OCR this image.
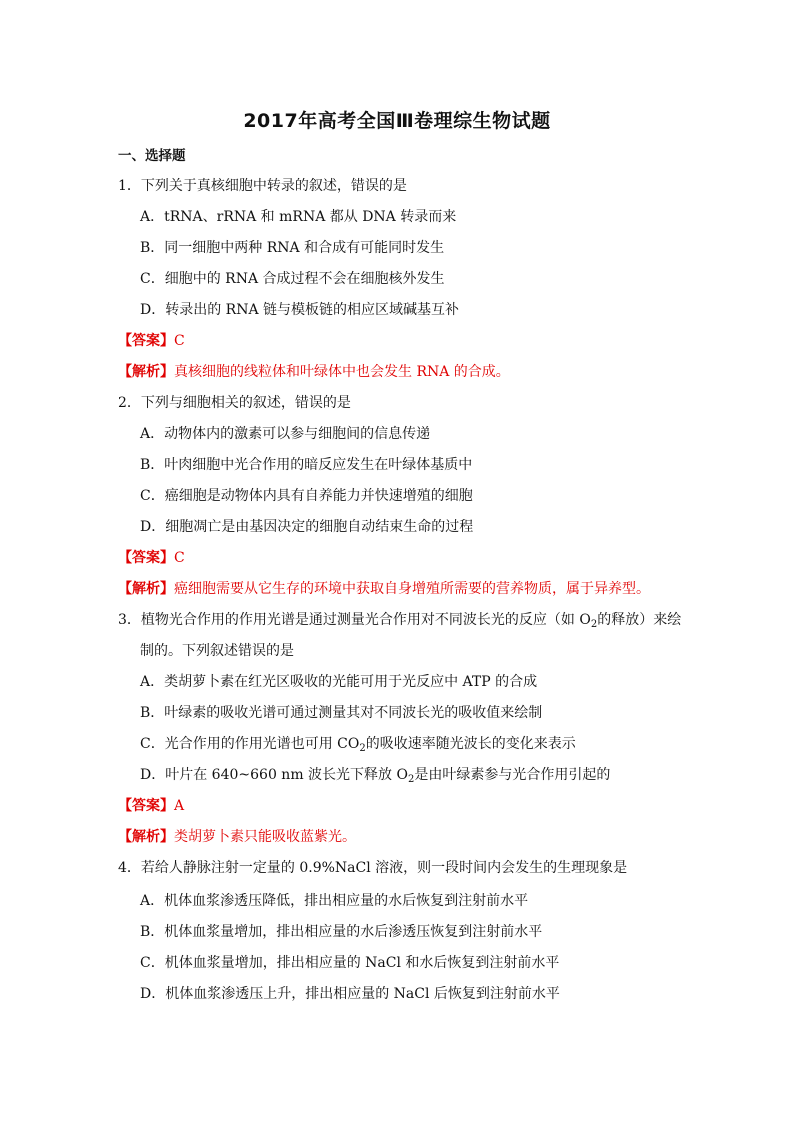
2017年高考全国Ⅲ卷理综生物试题
一、选择题
1．下列关于真核细胞中转录的叙述，错误的是
A．tRNA、rRNA 和 mRNA 都从 DNA 转录而来
B．同一细胞中两种 RNA 和合成有可能同时发生
C．细胞中的 RNA 合成过程不会在细胞核外发生
D．转录出的 RNA 链与模板链的相应区域碱基互补
【答案】C
【解析】真核细胞的线粒体和叶绿体中也会发生 RNA 的合成。
2．下列与细胞相关的叙述，错误的是
A．动物体内的激素可以参与细胞间的信息传递
B．叶肉细胞中光合作用的暗反应发生在叶绿体基质中
C．癌细胞是动物体内具有自养能力并快速增殖的细胞
D．细胞凋亡是由基因决定的细胞自动结束生命的过程
【答案】C
【解析】癌细胞需要从它生存的环境中获取自身增殖所需要的营养物质，属于异养型。
3．植物光合作用的作用光谱是通过测量光合作用对不同波长光的反应（如 $O_2$的释放）来绘
制的。下列叙述错误的是
A．类胡萝卜素在红光区吸收的光能可用于光反应中 ATP 的合成
B．叶绿素的吸收光谱可通过测量其对不同波长光的吸收值来绘制
C．光合作用的作用光谱也可用 $CO_2$的吸收速率随光波长的变化来表示
D．叶片在 640~660 nm 波长光下释放 $O_2$是由叶绿素参与光合作用引起的
【答案】A
【解析】类胡萝卜素只能吸收蓝紫光。
4．若给人静脉注射一定量的 0.9%NaCl 溶液，则一段时间内会发生的生理现象是
A．机体血浆渗透压降低，排出相应量的水后恢复到注射前水平
B．机体血浆量增加，排出相应量的水后渗透压恢复到注射前水平
C．机体血浆量增加，排出相应量的 NaCl 和水后恢复到注射前水平
D．机体血浆渗透压上升，排出相应量的 NaCl 后恢复到注射前水平
